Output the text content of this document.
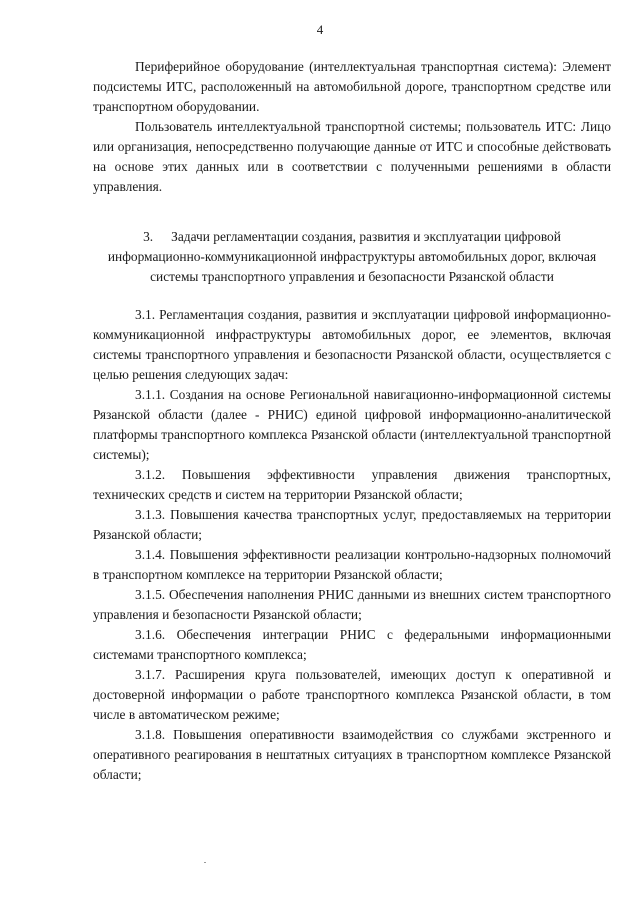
4

Периферийное оборудование (интеллектуальная транспортная система): Элемент подсистемы ИТС, расположенный на автомобильной дороге, транспортном средстве или транспортном оборудовании.

Пользователь интеллектуальной транспортной системы; пользователь ИТС: Лицо или организация, непосредственно получающие данные от ИТС и способные действовать на основе этих данных или в соответствии с полученными решениями в области управления.

3. Задачи регламентации создания, развития и эксплуатации цифровой информационно-коммуникационной инфраструктуры автомобильных дорог, включая системы транспортного управления и безопасности Рязанской области

3.1. Регламентация создания, развития и эксплуатации цифровой информационно-коммуникационной инфраструктуры автомобильных дорог, ее элементов, включая системы транспортного управления и безопасности Рязанской области, осуществляется с целью решения следующих задач:

3.1.1. Создания на основе Региональной навигационно-информационной системы Рязанской области (далее - РНИС) единой цифровой информационно-аналитической платформы транспортного комплекса Рязанской области (интеллектуальной транспортной системы);

3.1.2. Повышения эффективности управления движения транспортных, технических средств и систем на территории Рязанской области;

3.1.3. Повышения качества транспортных услуг, предоставляемых на территории Рязанской области;

3.1.4. Повышения эффективности реализации контрольно-надзорных полномочий в транспортном комплексе на территории Рязанской области;

3.1.5. Обеспечения наполнения РНИС данными из внешних систем транспортного управления и безопасности Рязанской области;

3.1.6. Обеспечения интеграции РНИС с федеральными информационными системами транспортного комплекса;

3.1.7. Расширения круга пользователей, имеющих доступ к оперативной и достоверной информации о работе транспортного комплекса Рязанской области, в том числе в автоматическом режиме;

3.1.8. Повышения оперативности взаимодействия со службами экстренного и оперативного реагирования в нештатных ситуациях в транспортном комплексе Рязанской области;
